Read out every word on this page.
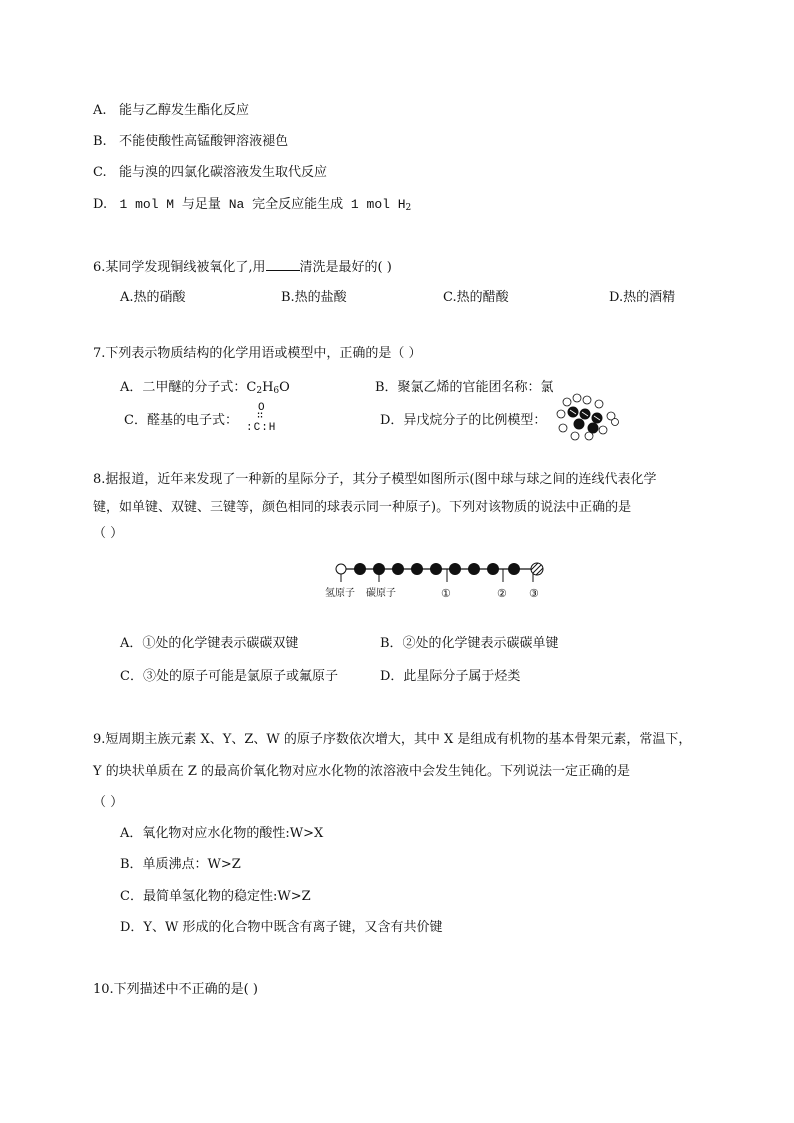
A. 能与乙醇发生酯化反应
B. 不能使酸性高锰酸钾溶液褪色
C. 能与溴的四氯化碳溶液发生取代反应
D. 1 mol M 与足量 Na 完全反应能生成 1 mol $H_2$
6.某同学发现铜线被氧化了,用	清洗是最好的( )
A.热的硝酸	B.热的盐酸	C.热的醋酸	D.热的酒精
7.下列表示物质结构的化学用语或模型中，正确的是（ ）
A．二甲醚的分子式：$C_2H_6O$	B．聚氯乙烯的官能团名称：氯
C．醛基的电子式：
O
∷
:C:H	D．异戊烷分子的比例模型：
8.据报道，近年来发现了一种新的星际分子，其分子模型如图所示(图中球与球之间的连线代表化学
键，如单键、双键、三键等，颜色相同的球表示同一种原子)。下列对该物质的说法中正确的是
（ ）
氢原子 碳原子	①	② ③
A．①处的化学键表示碳碳双键	B．②处的化学键表示碳碳单键
C．③处的原子可能是氯原子或氟原子	D．此星际分子属于烃类
9.短周期主族元素 X、Y、Z、W 的原子序数依次增大，其中 X 是组成有机物的基本骨架元素，常温下，
Y 的块状单质在 Z 的最高价氧化物对应水化物的浓溶液中会发生钝化。下列说法一定正确的是
（ ）
A．氧化物对应水化物的酸性:W>X
B．单质沸点：W>Z
C．最简单氢化物的稳定性:W>Z
D．Y、W 形成的化合物中既含有离子键，又含有共价键
10.下列描述中不正确的是( )
